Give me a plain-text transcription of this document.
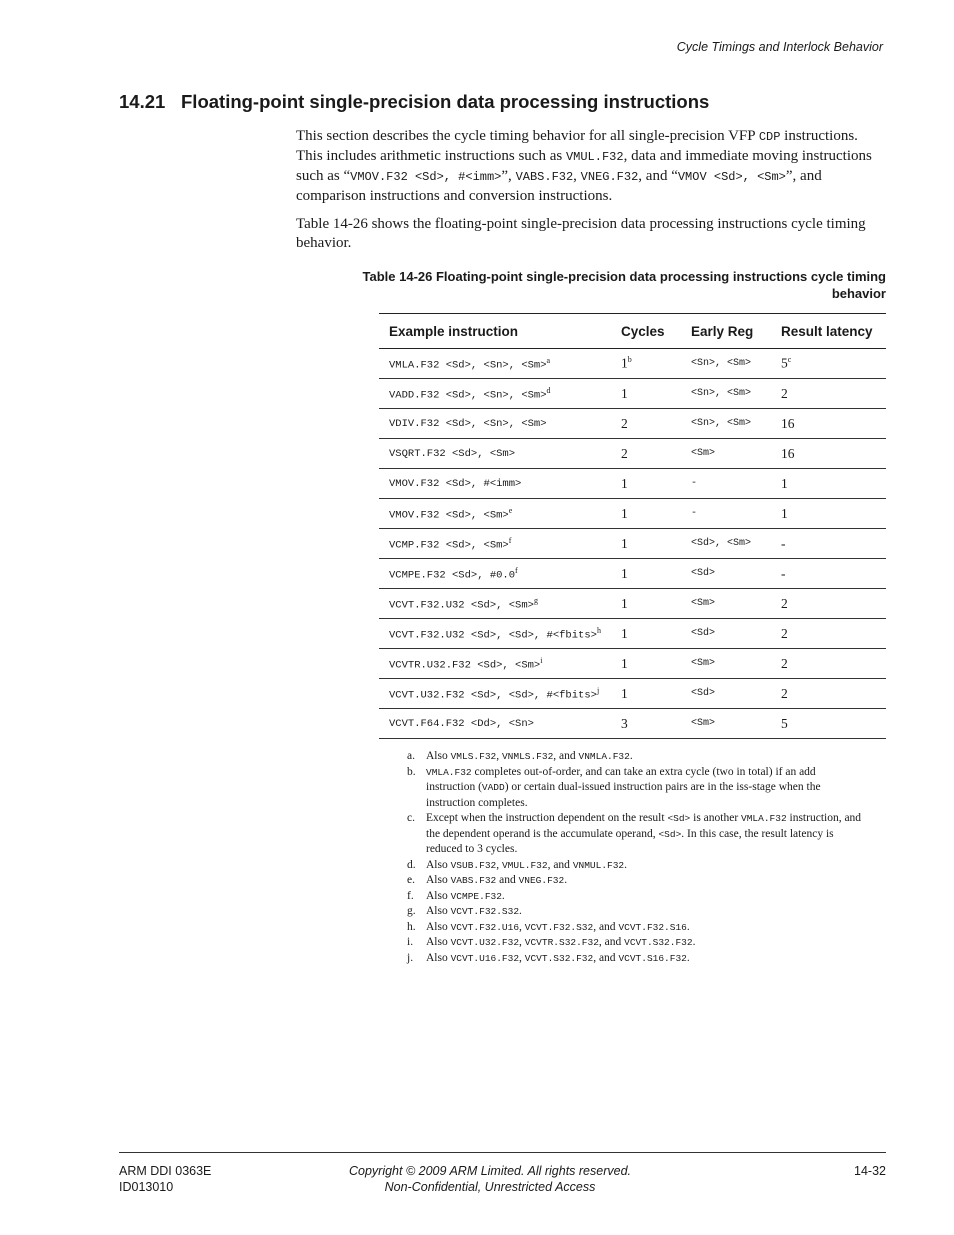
Cycle Timings and Interlock Behavior
14.21 Floating-point single-precision data processing instructions

This section describes the cycle timing behavior for all single-precision VFP CDP instructions. This includes arithmetic instructions such as VMUL.F32, data and immediate moving instructions such as “VMOV.F32 <Sd>, #<imm>”, VABS.F32, VNEG.F32, and “VMOV <Sd>, <Sm>”, and comparison instructions and conversion instructions.

Table 14-26 shows the floating-point single-precision data processing instructions cycle timing behavior.

Table 14-26 Floating-point single-precision data processing instructions cycle timing
behavior
Example instruction	Cycles	Early Reg	Result latency
VMLA.F32 <Sd>, <Sn>, <Sm>$^a$	$1^b$	<Sn>, <Sm>	$5^c$
VADD.F32 <Sd>, <Sn>, <Sm>$^d$	1	<Sn>, <Sm>	2
VDIV.F32 <Sd>, <Sn>, <Sm>	2	<Sn>, <Sm>	16
VSQRT.F32 <Sd>, <Sm>	2	<Sm>	16
VMOV.F32 <Sd>, #<imm>	1	-	1
VMOV.F32 <Sd>, <Sm>$^e$	1	-	1
VCMP.F32 <Sd>, <Sm>$^f$	1	<Sd>, <Sm>	-
VCMPE.F32 <Sd>, #0.0$^f$	1	<Sd>	-
VCVT.F32.U32 <Sd>, <Sm>$^g$	1	<Sm>	2
VCVT.F32.U32 <Sd>, <Sd>, #<fbits>$^h$	1	<Sd>	2
VCVTR.U32.F32 <Sd>, <Sm>$^i$	1	<Sm>	2
VCVT.U32.F32 <Sd>, <Sd>, #<fbits>$^j$	1	<Sd>	2
VCVT.F64.F32 <Dd>, <Sn>	3	<Sm>	5
a. Also VMLS.F32, VNMLS.F32, and VNMLA.F32.
b. VMLA.F32 completes out-of-order, and can take an extra cycle (two in total) if an add instruction (VADD) or certain dual-issued instruction pairs are in the iss-stage when the instruction completes.
c. Except when the instruction dependent on the result <Sd> is another VMLA.F32 instruction, and the dependent operand is the accumulate operand, <Sd>. In this case, the result latency is reduced to 3 cycles.
d. Also VSUB.F32, VMUL.F32, and VNMUL.F32.
e. Also VABS.F32 and VNEG.F32.
f. Also VCMPE.F32.
g. Also VCVT.F32.S32.
h. Also VCVT.F32.U16, VCVT.F32.S32, and VCVT.F32.S16.
i. Also VCVT.U32.F32, VCVTR.S32.F32, and VCVT.S32.F32.
j. Also VCVT.U16.F32, VCVT.S32.F32, and VCVT.S16.F32.
ARM DDI 0363E
ID013010
Copyright © 2009 ARM Limited. All rights reserved.
Non-Confidential, Unrestricted Access
14-32
